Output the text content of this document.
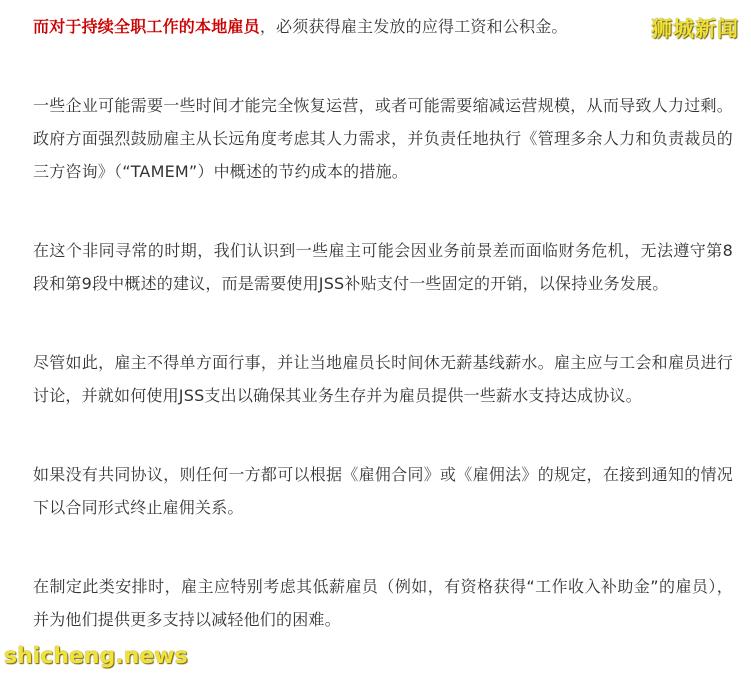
而对于持续全职工作的本地雇员，必须获得雇主发放的应得工资和公积金。

一些企业可能需要一些时间才能完全恢复运营，或者可能需要缩减运营规模，从而导致人力过剩。政府方面强烈鼓励雇主从长远角度考虑其人力需求，并负责任地执行《管理多余人力和负责裁员的三方咨询》（“TAMEM”）中概述的节约成本的措施。

在这个非同寻常的时期，我们认识到一些雇主可能会因业务前景差而面临财务危机，无法遵守第8段和第9段中概述的建议，而是需要使用JSS补贴支付一些固定的开销，以保持业务发展。

尽管如此，雇主不得单方面行事，并让当地雇员长时间休无薪基线薪水。雇主应与工会和雇员进行讨论，并就如何使用JSS支出以确保其业务生存并为雇员提供一些薪水支持达成协议。

如果没有共同协议，则任何一方都可以根据《雇佣合同》或《雇佣法》的规定，在接到通知的情况下以合同形式终止雇佣关系。

在制定此类安排时，雇主应特别考虑其低薪雇员（例如，有资格获得“工作收入补助金”的雇员），并为他们提供更多支持以减轻他们的困难。

狮城新闻
shicheng.news
